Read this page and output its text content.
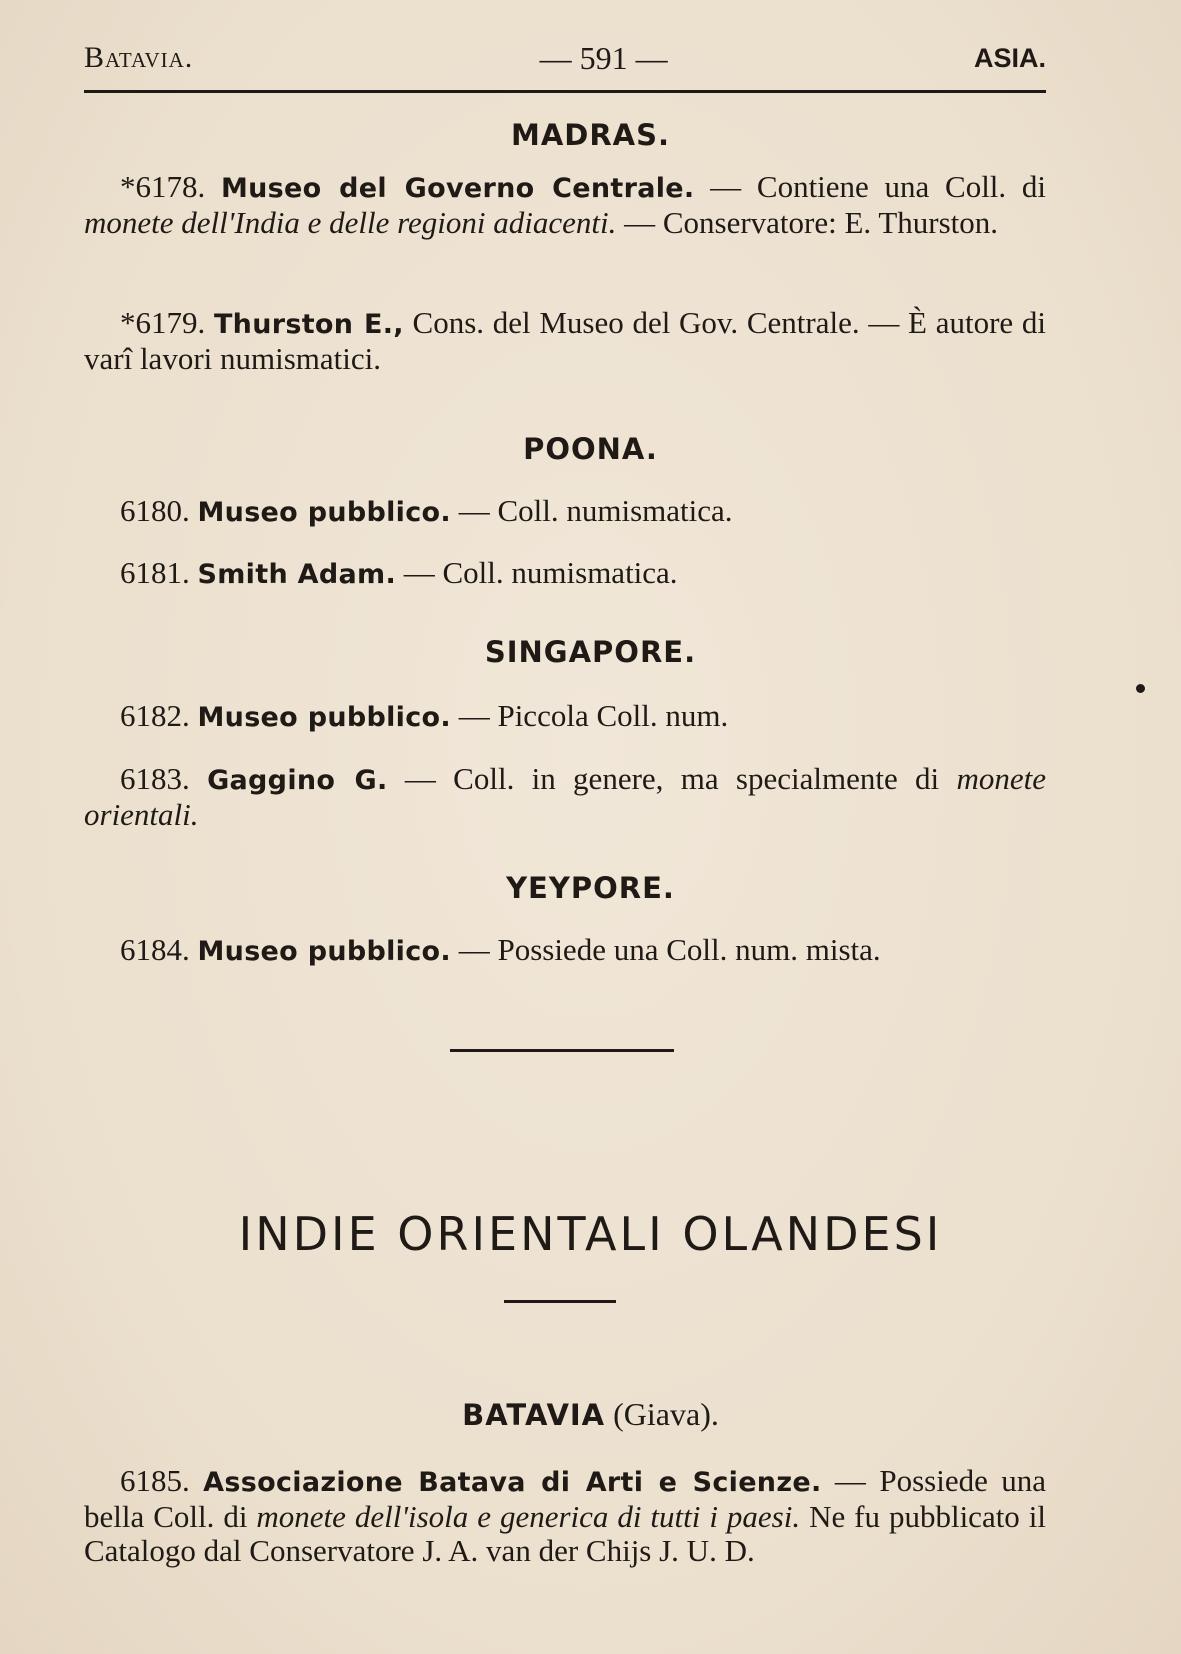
Batavia.	— 591 —	ASIA.
MADRAS.

*6178. Museo del Governo Centrale. — Contiene una Coll. di monete dell'India e delle regioni adiacenti. — Conservatore: E. Thurston.

*6179. Thurston E., Cons. del Museo del Gov. Centrale. — È autore di varî lavori numismatici.

POONA.

6180. Museo pubblico. — Coll. numismatica.

6181. Smith Adam. — Coll. numismatica.

SINGAPORE.

6182. Museo pubblico. — Piccola Coll. num.

6183. Gaggino G. — Coll. in genere, ma specialmente di monete orientali.

YEYPORE.

6184. Museo pubblico. — Possiede una Coll. num. mista.

INDIE ORIENTALI OLANDESI
BATAVIA (Giava).

6185. Associazione Batava di Arti e Scienze. — Possiede una bella Coll. di monete dell'isola e generica di tutti i paesi. Ne fu pubblicato il Catalogo dal Conservatore J. A. van der Chijs J. U. D.
